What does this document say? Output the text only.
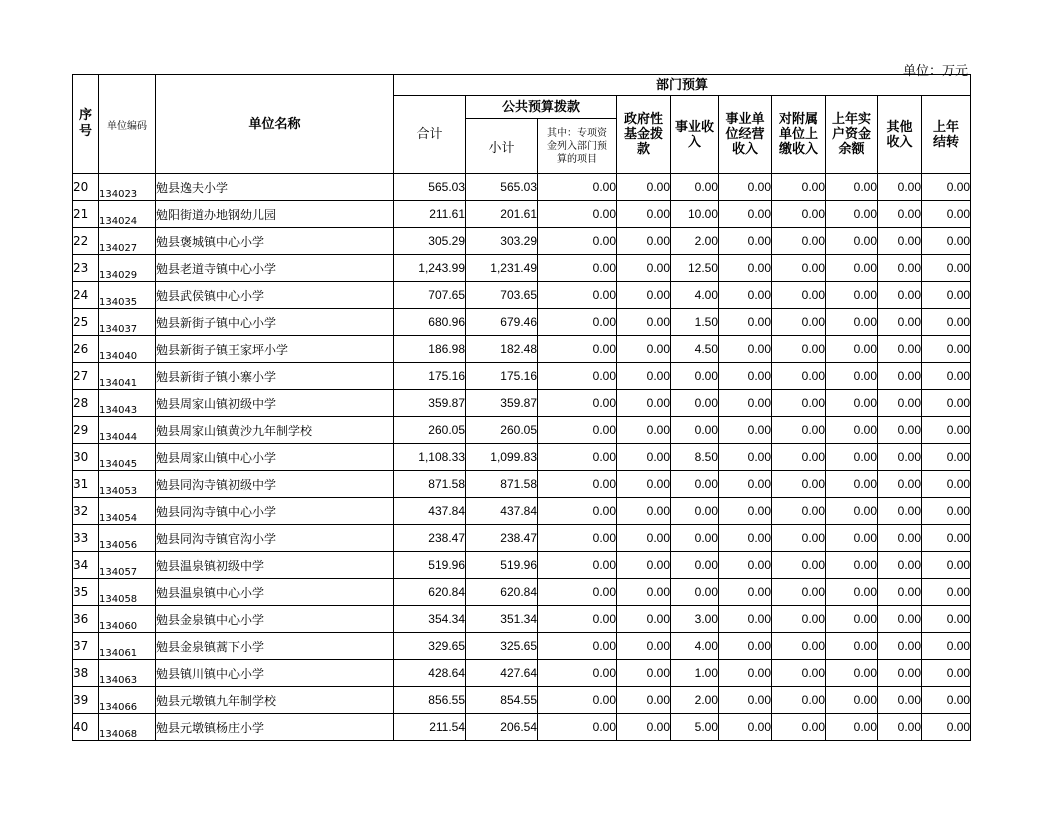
单位：万元
序号	单位编码	单位名称	部门预算									
			合计	公共预算拨款		政府性基金拨款	事业收入	事业单位经营收入	对附属单位上缴收入	上年实户资金余额	其他收入	上年结转
				小计	其中：专项资金列入部门预算的项目							
20	134023	勉县逸夫小学	565.03	565.03	0.00	0.00	0.00	0.00	0.00	0.00	0.00	0.00
21	134024	勉阳街道办地钢幼儿园	211.61	201.61	0.00	0.00	10.00	0.00	0.00	0.00	0.00	0.00
22	134027	勉县褒城镇中心小学	305.29	303.29	0.00	0.00	2.00	0.00	0.00	0.00	0.00	0.00
23	134029	勉县老道寺镇中心小学	1,243.99	1,231.49	0.00	0.00	12.50	0.00	0.00	0.00	0.00	0.00
24	134035	勉县武侯镇中心小学	707.65	703.65	0.00	0.00	4.00	0.00	0.00	0.00	0.00	0.00
25	134037	勉县新街子镇中心小学	680.96	679.46	0.00	0.00	1.50	0.00	0.00	0.00	0.00	0.00
26	134040	勉县新街子镇王家坪小学	186.98	182.48	0.00	0.00	4.50	0.00	0.00	0.00	0.00	0.00
27	134041	勉县新街子镇小寨小学	175.16	175.16	0.00	0.00	0.00	0.00	0.00	0.00	0.00	0.00
28	134043	勉县周家山镇初级中学	359.87	359.87	0.00	0.00	0.00	0.00	0.00	0.00	0.00	0.00
29	134044	勉县周家山镇黄沙九年制学校	260.05	260.05	0.00	0.00	0.00	0.00	0.00	0.00	0.00	0.00
30	134045	勉县周家山镇中心小学	1,108.33	1,099.83	0.00	0.00	8.50	0.00	0.00	0.00	0.00	0.00
31	134053	勉县同沟寺镇初级中学	871.58	871.58	0.00	0.00	0.00	0.00	0.00	0.00	0.00	0.00
32	134054	勉县同沟寺镇中心小学	437.84	437.84	0.00	0.00	0.00	0.00	0.00	0.00	0.00	0.00
33	134056	勉县同沟寺镇官沟小学	238.47	238.47	0.00	0.00	0.00	0.00	0.00	0.00	0.00	0.00
34	134057	勉县温泉镇初级中学	519.96	519.96	0.00	0.00	0.00	0.00	0.00	0.00	0.00	0.00
35	134058	勉县温泉镇中心小学	620.84	620.84	0.00	0.00	0.00	0.00	0.00	0.00	0.00	0.00
36	134060	勉县金泉镇中心小学	354.34	351.34	0.00	0.00	3.00	0.00	0.00	0.00	0.00	0.00
37	134061	勉县金泉镇蒿下小学	329.65	325.65	0.00	0.00	4.00	0.00	0.00	0.00	0.00	0.00
38	134063	勉县镇川镇中心小学	428.64	427.64	0.00	0.00	1.00	0.00	0.00	0.00	0.00	0.00
39	134066	勉县元墩镇九年制学校	856.55	854.55	0.00	0.00	2.00	0.00	0.00	0.00	0.00	0.00
40	134068	勉县元墩镇杨庄小学	211.54	206.54	0.00	0.00	5.00	0.00	0.00	0.00	0.00	0.00
